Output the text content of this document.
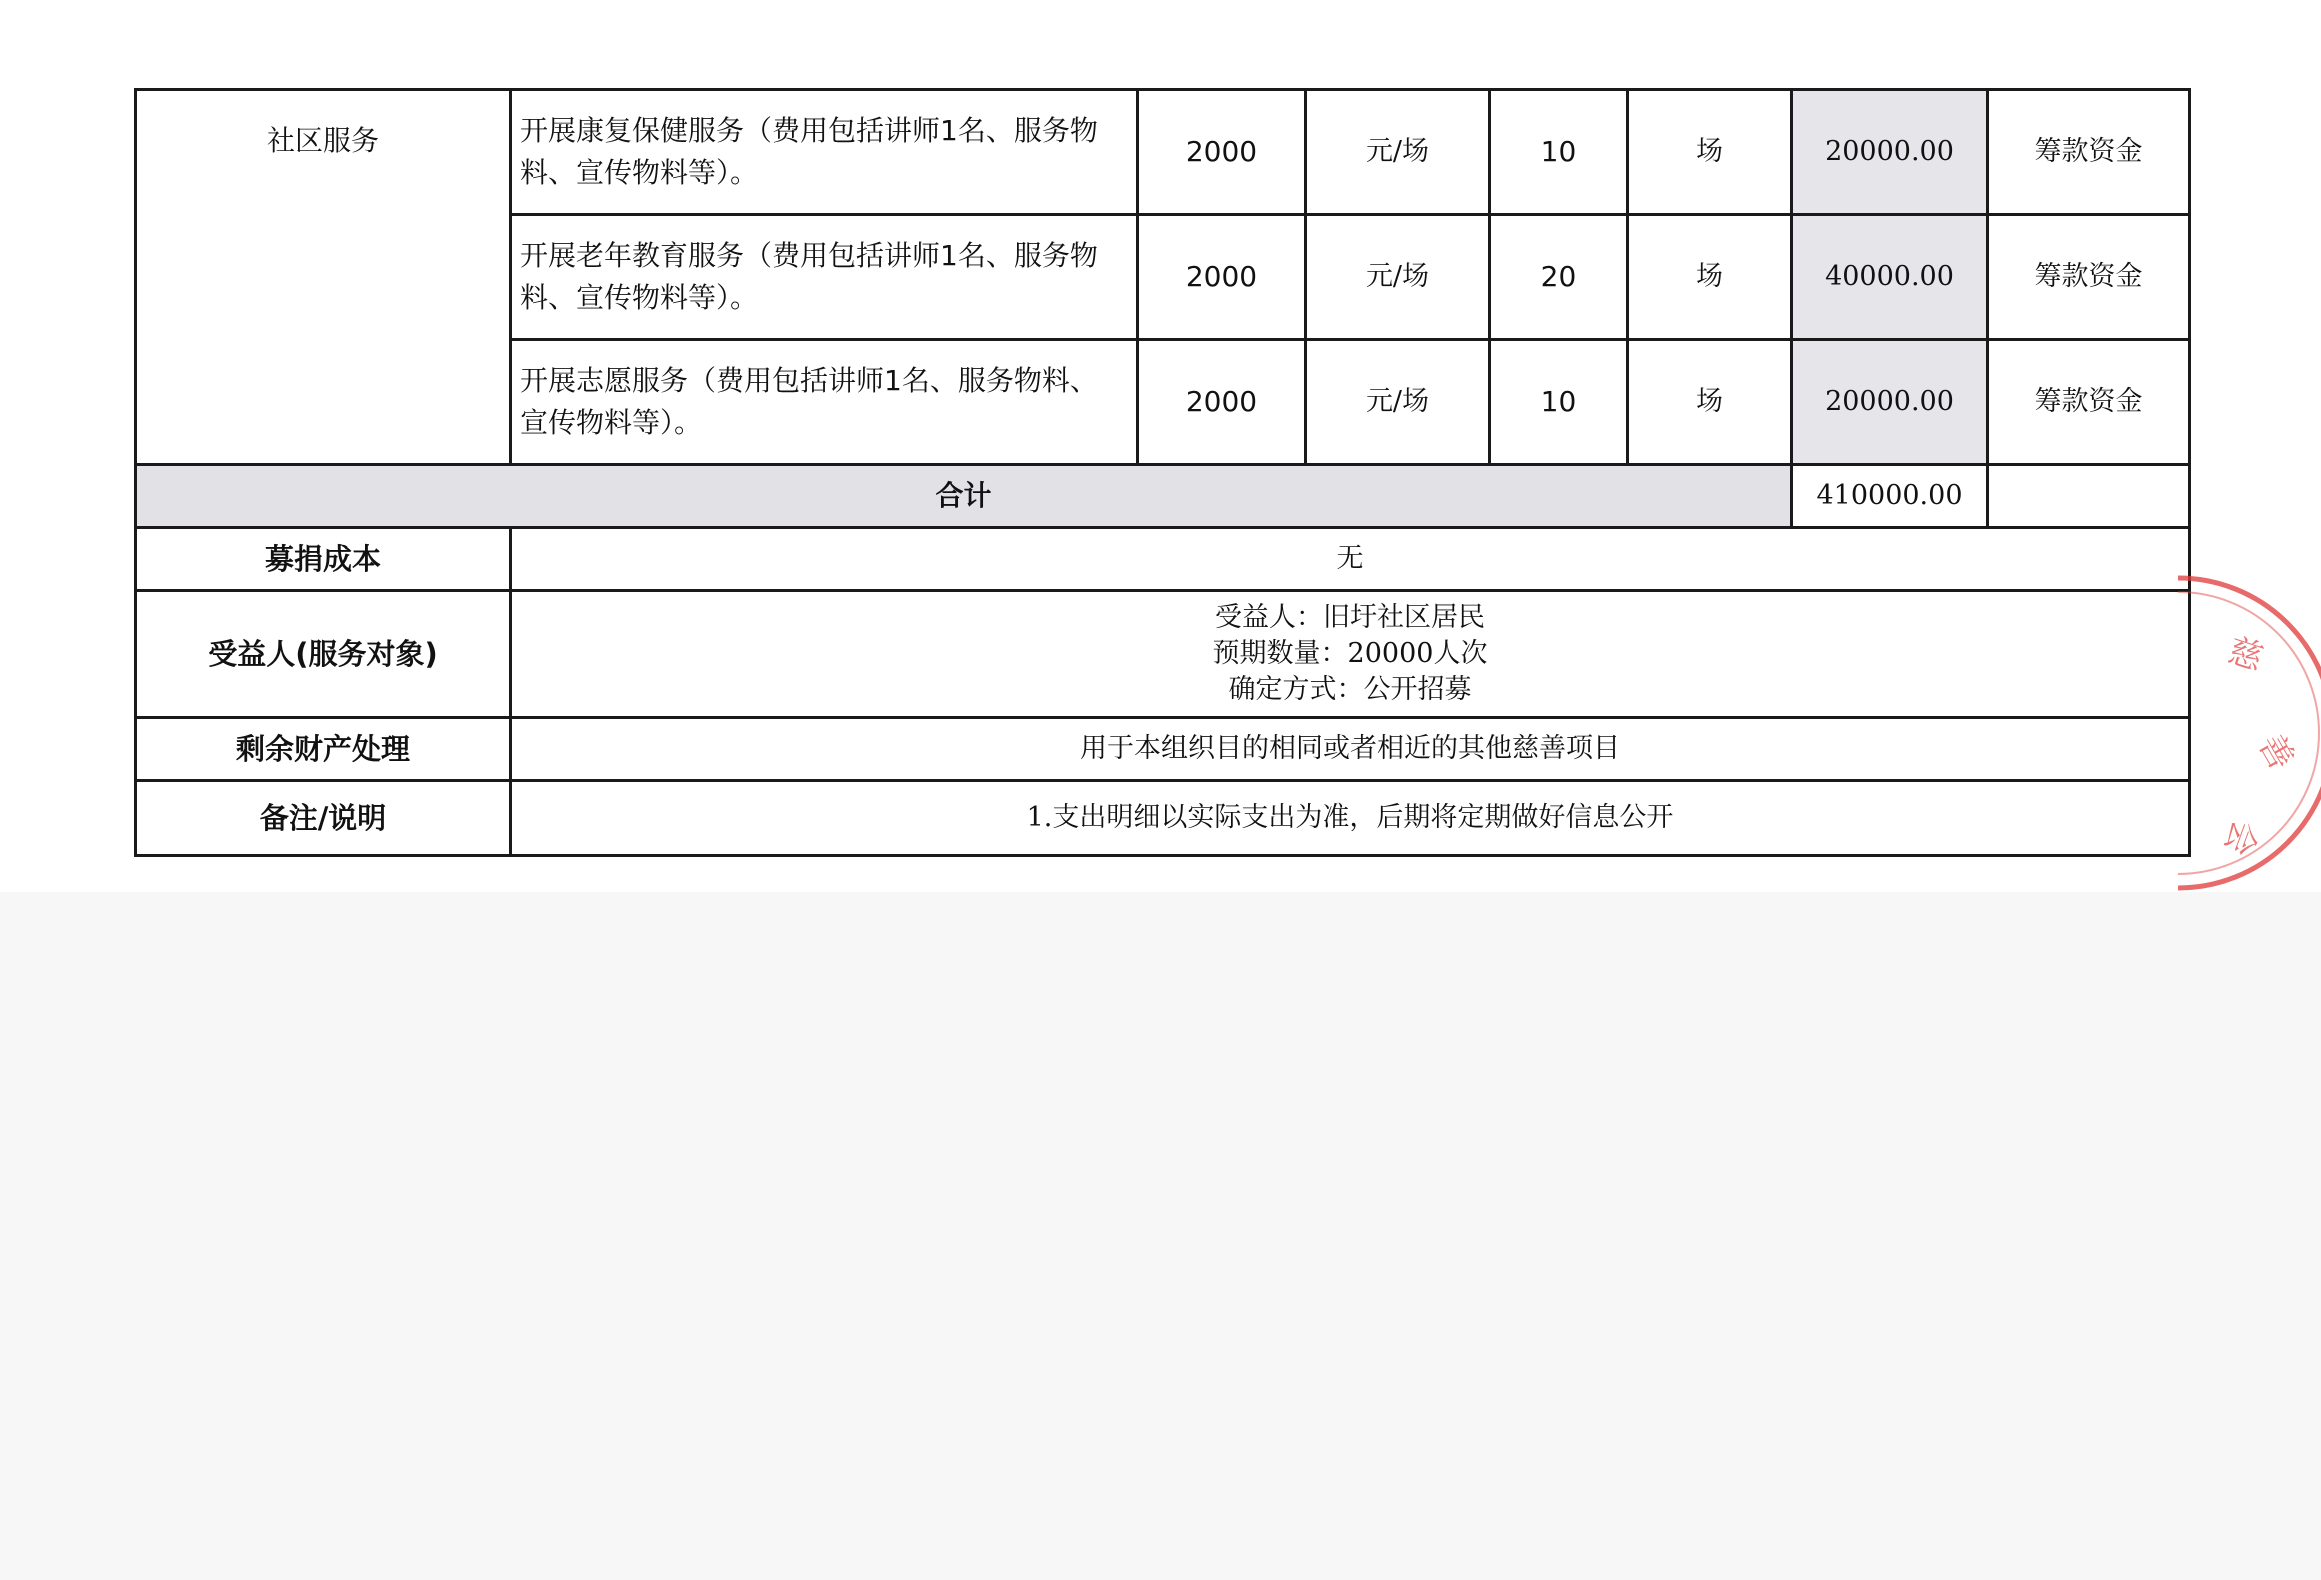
社区服务	开展康复保健服务（费用包括讲师1名、服务物
料、宣传物料等）。	2000	元/场	10	场	20000.00	筹款资金
	开展老年教育服务（费用包括讲师1名、服务物
料、宣传物料等）。	2000	元/场	20	场	40000.00	筹款资金
	开展志愿服务（费用包括讲师1名、服务物料、
宣传物料等）。	2000	元/场	10	场	20000.00	筹款资金
合计						410000.00	
募捐成本	无						
受益人(服务对象)	受益人：旧圩社区居民
预期数量：20000人次
确定方式：公开招募						

剩余财产处理	用于本组织目的相同或者相近的其他慈善项目						
备注/说明	1.支出明细以实际支出为准，后期将定期做好信息公开						
慈
善
会
